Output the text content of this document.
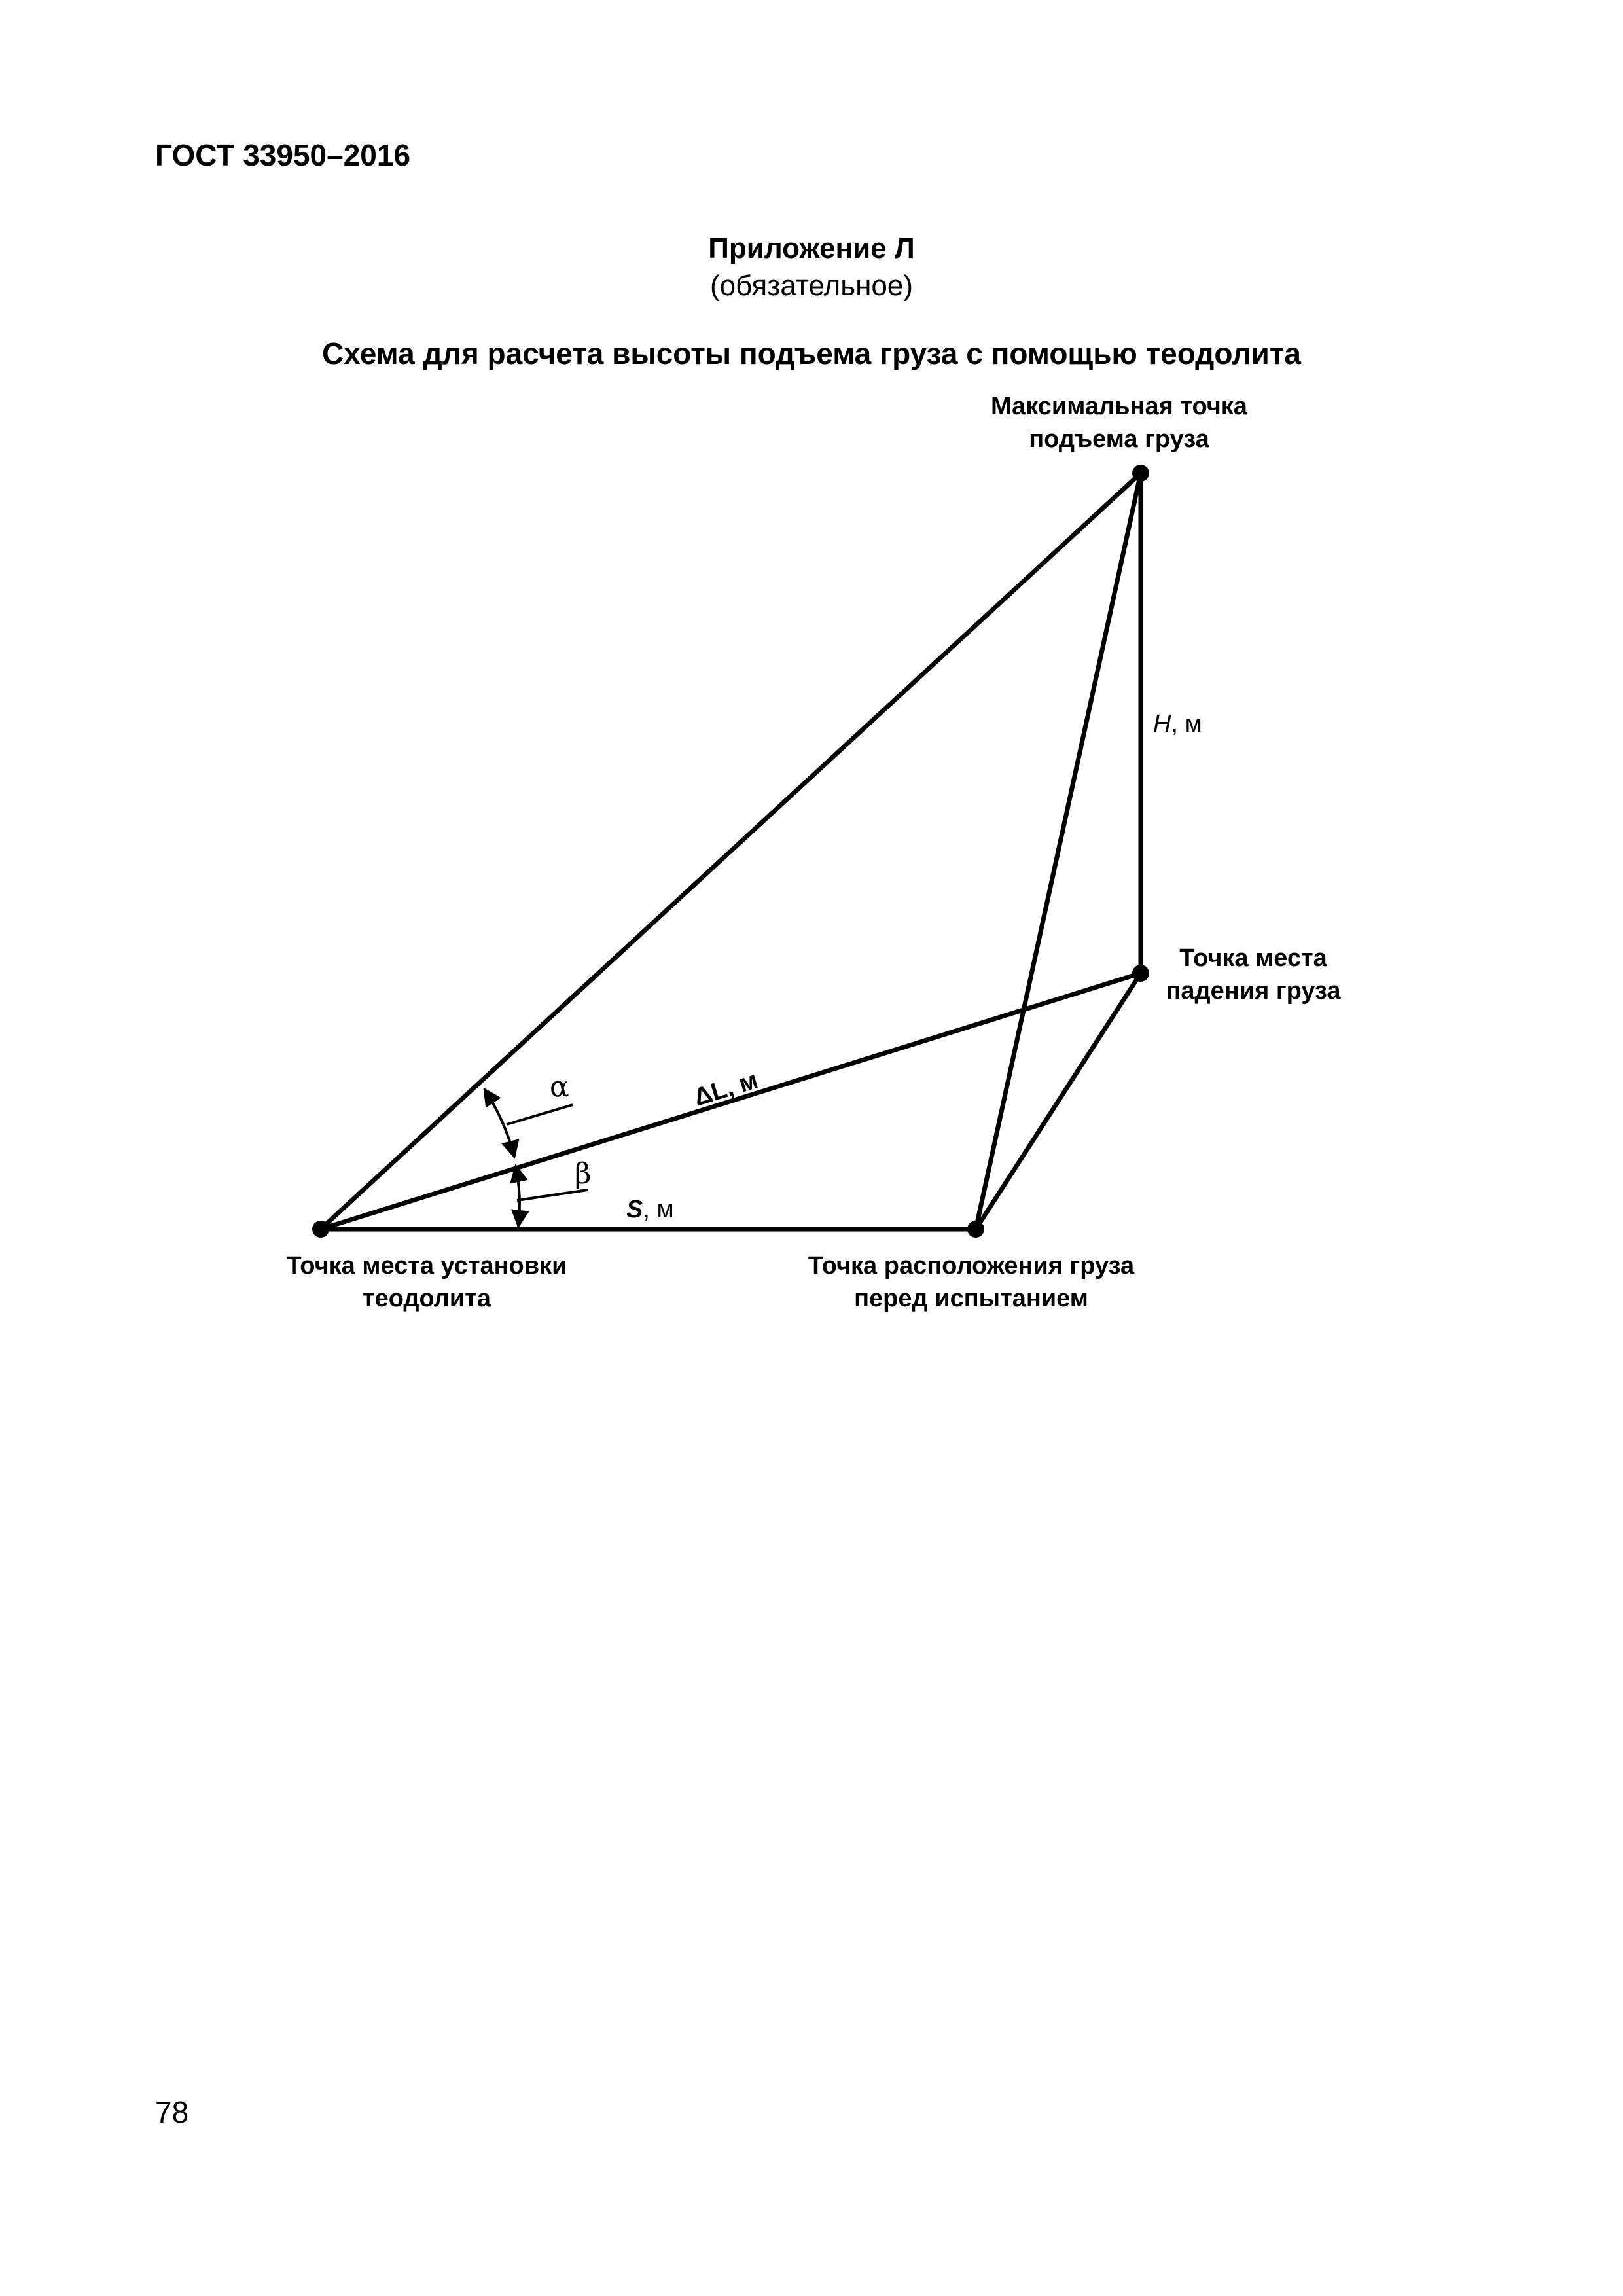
ГОСТ 33950–2016
Приложение Л
(обязательное)
Схема для расчета высоты подъема груза с помощью теодолита
Максимальная точка
подъема груза
Точка места
падения груза
Точка места установки
теодолита
Точка расположения груза
перед испытанием
H, м
S, м
ΔL, м
α
β
78
